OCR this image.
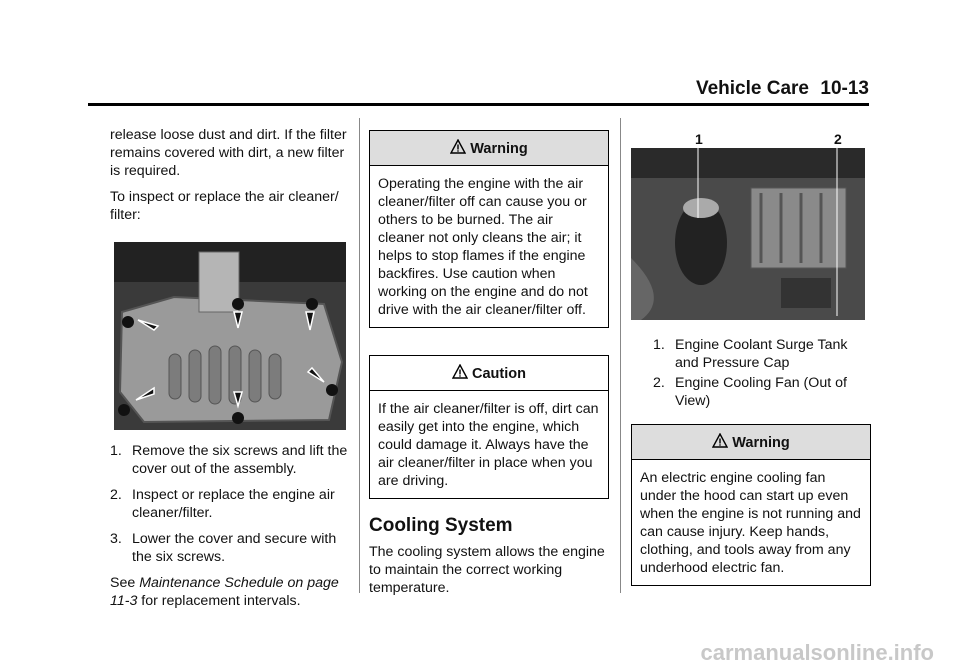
Vehicle Care 10-13

release loose dust and dirt. If the filter remains covered with dirt, a new filter is required.

To inspect or replace the air cleaner/ filter:

1. Remove the six screws and lift the cover out of the assembly.
2. Inspect or replace the engine air cleaner/filter.
3. Lower the cover and secure with the six screws.

See Maintenance Schedule on page 11-3 for replacement intervals.

Warning

Operating the engine with the air cleaner/filter off can cause you or others to be burned. The air cleaner not only cleans the air; it helps to stop flames if the engine backfires. Use caution when working on the engine and do not drive with the air cleaner/filter off.

Caution

If the air cleaner/filter is off, dirt can easily get into the engine, which could damage it. Always have the air cleaner/filter in place when you are driving.

Cooling System

The cooling system allows the engine to maintain the correct working temperature.

1	2
1. Engine Coolant Surge Tank and Pressure Cap
2. Engine Cooling Fan (Out of View)
Warning

An electric engine cooling fan under the hood can start up even when the engine is not running and can cause injury. Keep hands, clothing, and tools away from any underhood electric fan.

carmanualsonline.info
